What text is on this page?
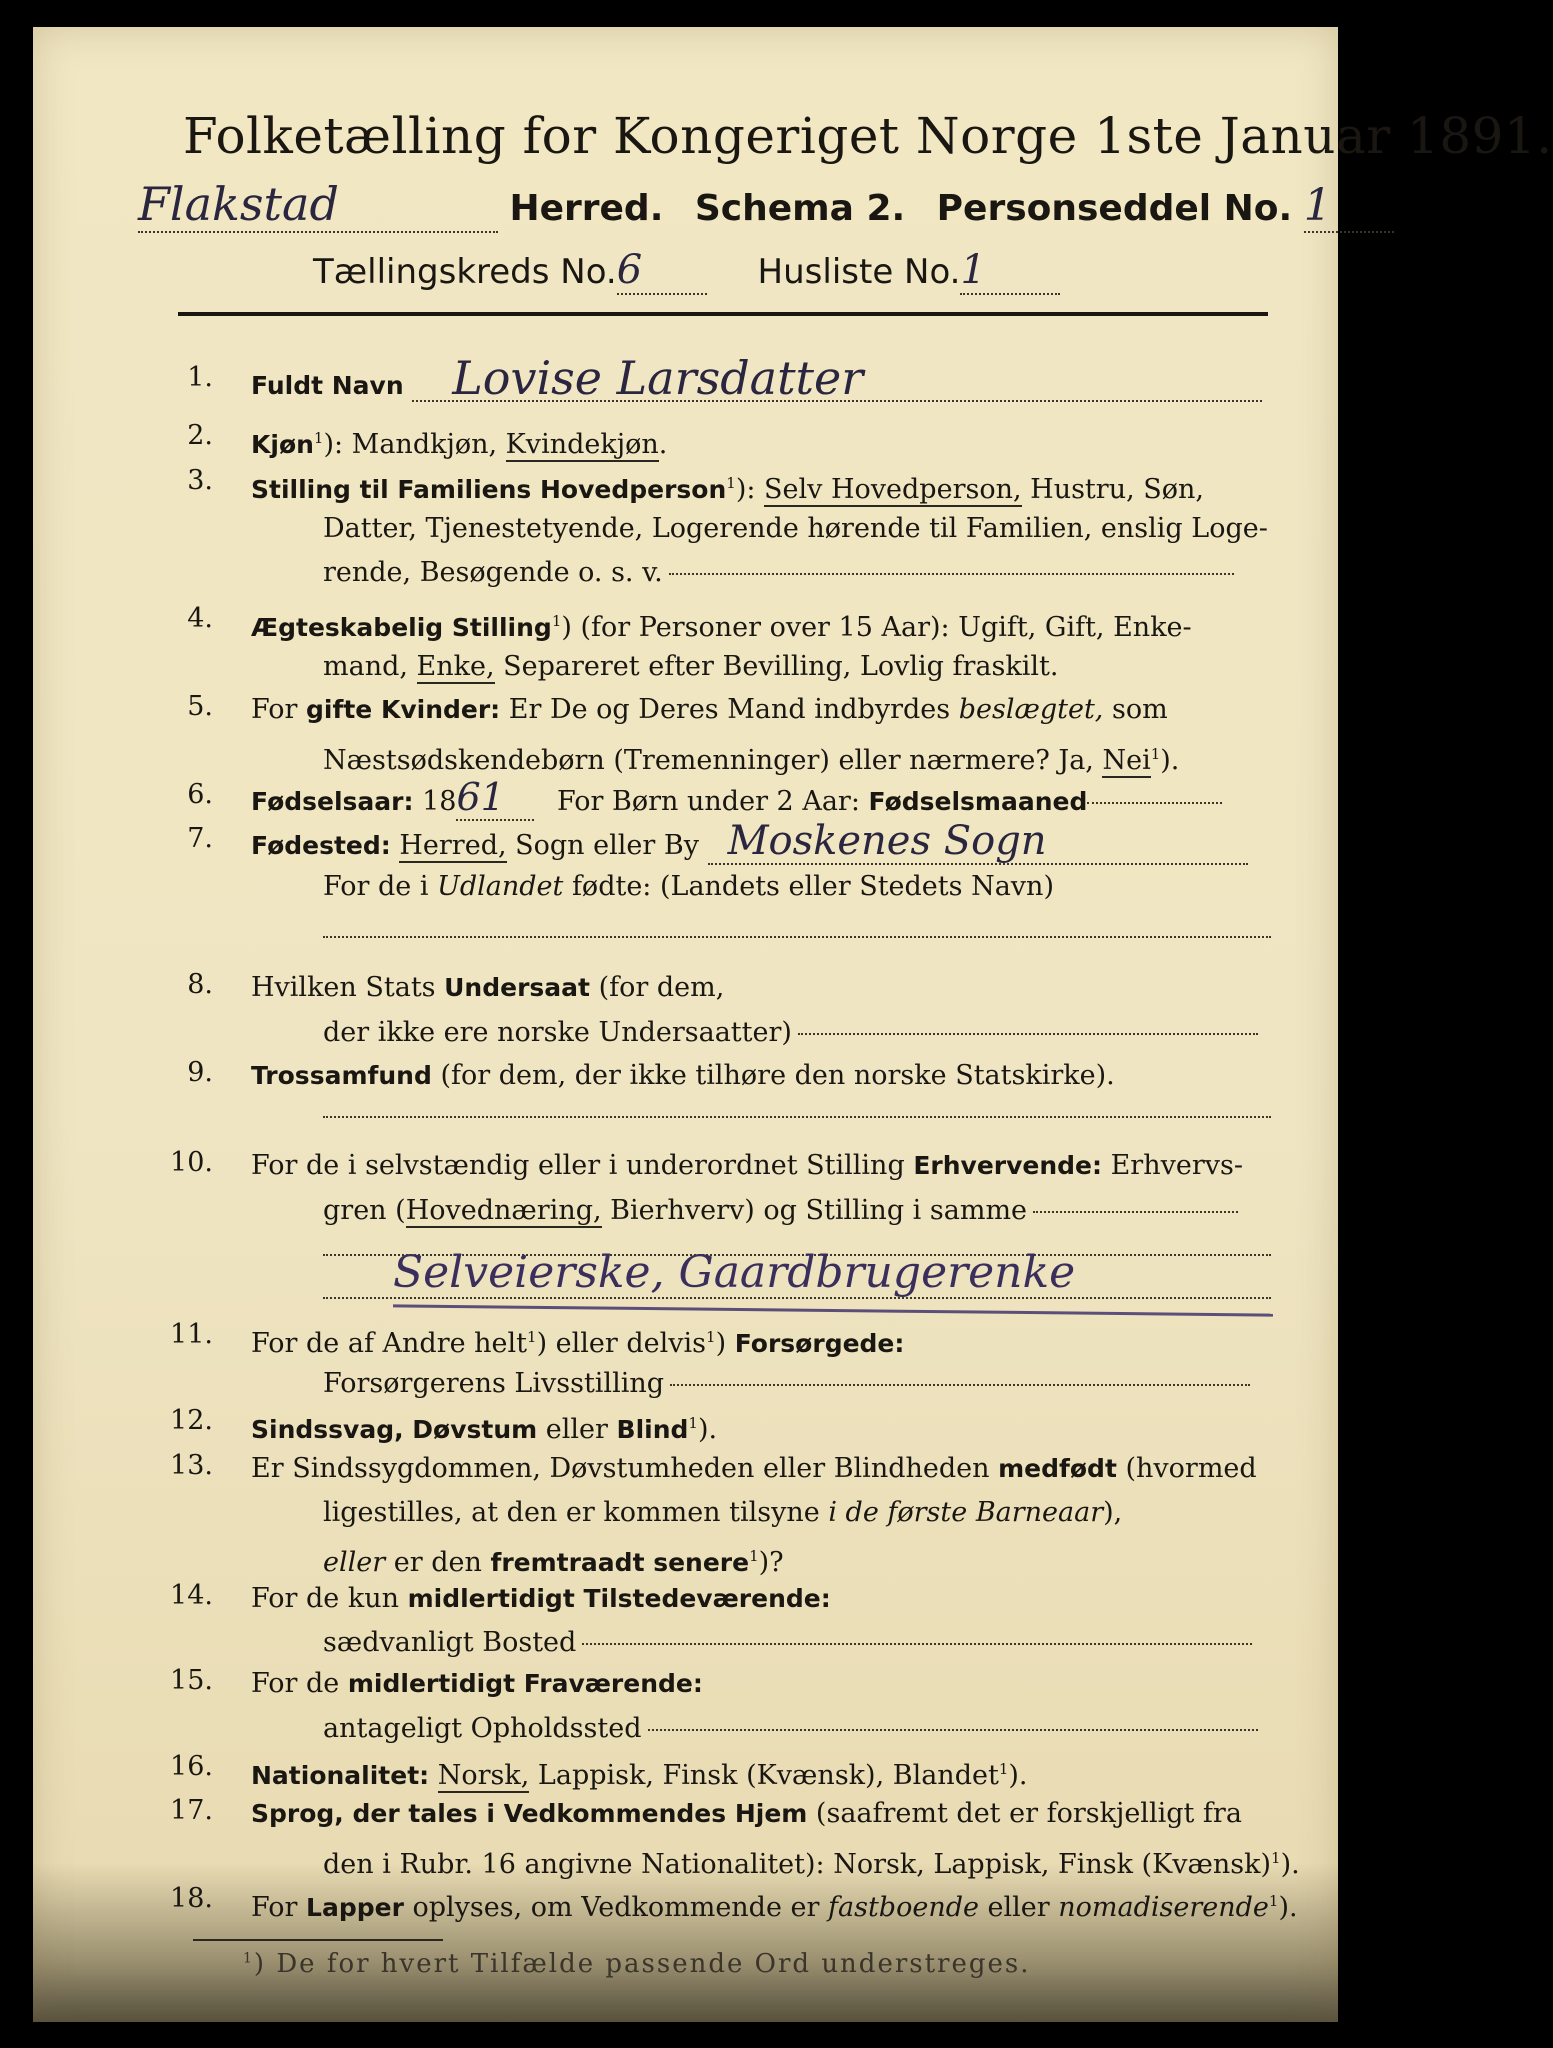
Folketælling for Kongeriget Norge 1ste Januar 1891.
Flakstad	Herred. Schema 2. Personseddel No. 1
Tællingskreds No.6	Husliste No.1
1. Fuldt Navn Lovise Larsdatter
2. Kjøn$^1$): Mandkjøn, Kvindekjøn.
3. Stilling til Familiens Hovedperson$^1$): Selv Hovedperson, Hustru, Søn,
Datter, Tjenestetyende, Logerende hørende til Familien, enslig Loge-
rende, Besøgende o. s. v.
4. Ægteskabelig Stilling$^1$) (for Personer over 15 Aar): Ugift, Gift, Enke-
mand, Enke, Separeret efter Bevilling, Lovlig fraskilt.
5. For gifte Kvinder: Er De og Deres Mand indbyrdes beslægtet, som
Næstsødskendebørn (Tremenninger) eller nærmere? Ja, Nei$^1$).
6. Fødselsaar: 1861 For Børn under 2 Aar: Fødselsmaaned
7. Fødested: Herred, Sogn eller By Moskenes Sogn
For de i Udlandet fødte: (Landets eller Stedets Navn)
8. Hvilken Stats Undersaat (for dem,
der ikke ere norske Undersaatter)
9. Trossamfund (for dem, der ikke tilhøre den norske Statskirke).
10. For de i selvstændig eller i underordnet Stilling Erhvervende: Erhvervs-
gren (Hovednæring, Bierhverv) og Stilling i samme
Selveierske, Gaardbrugerenke
11. For de af Andre helt$^1$) eller delvis$^1$) Forsørgede:
Forsørgerens Livsstilling
12. Sindssvag, Døvstum eller Blind$^1$).
13. Er Sindssygdommen, Døvstumheden eller Blindheden medfødt (hvormed
ligestilles, at den er kommen tilsyne i de første Barneaar),
eller er den fremtraadt senere$^1$)?
14. For de kun midlertidigt Tilstedeværende:
sædvanligt Bosted
15. For de midlertidigt Fraværende:
antageligt Opholdssted
16. Nationalitet: Norsk, Lappisk, Finsk (Kvænsk), Blandet$^1$).
17. Sprog, der tales i Vedkommendes Hjem (saafremt det er forskjelligt fra
den i Rubr. 16 angivne Nationalitet): Norsk, Lappisk, Finsk (Kvænsk)$^1$).
18. For Lapper oplyses, om Vedkommende er fastboende eller nomadiserende$^1$).
$^1$) De for hvert Tilfælde passende Ord understreges.
